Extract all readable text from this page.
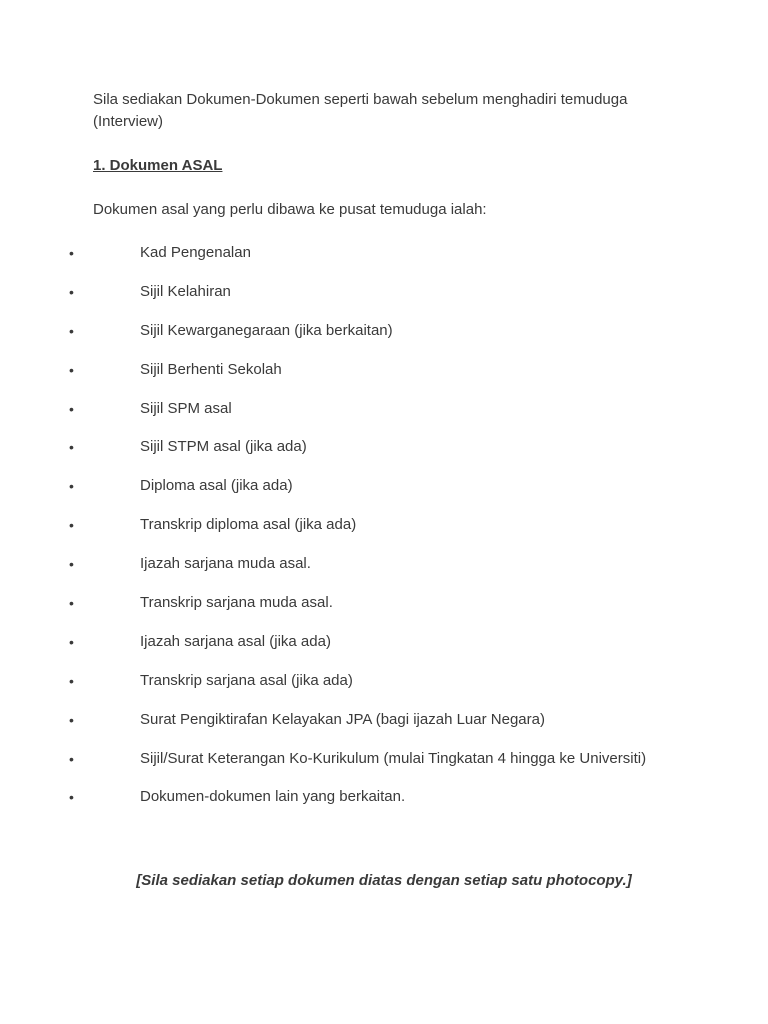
Sila sediakan Dokumen-Dokumen seperti bawah sebelum menghadiri temuduga (Interview)

1. Dokumen ASAL

Dokumen asal yang perlu dibawa ke pusat temuduga ialah:

•	Kad Pengenalan
•	Sijil Kelahiran
•	Sijil Kewarganegaraan (jika berkaitan)
•	Sijil Berhenti Sekolah
•	Sijil SPM asal
•	Sijil STPM asal (jika ada)
•	Diploma asal (jika ada)
•	Transkrip diploma asal (jika ada)
•	Ijazah sarjana muda asal.
•	Transkrip sarjana muda asal.
•	Ijazah sarjana asal (jika ada)
•	Transkrip sarjana asal (jika ada)
•	Surat Pengiktirafan Kelayakan JPA (bagi ijazah Luar Negara)
•	Sijil/Surat Keterangan Ko-Kurikulum (mulai Tingkatan 4 hingga ke Universiti)
•	Dokumen-dokumen lain yang berkaitan.

[Sila sediakan setiap dokumen diatas dengan setiap satu photocopy.]
